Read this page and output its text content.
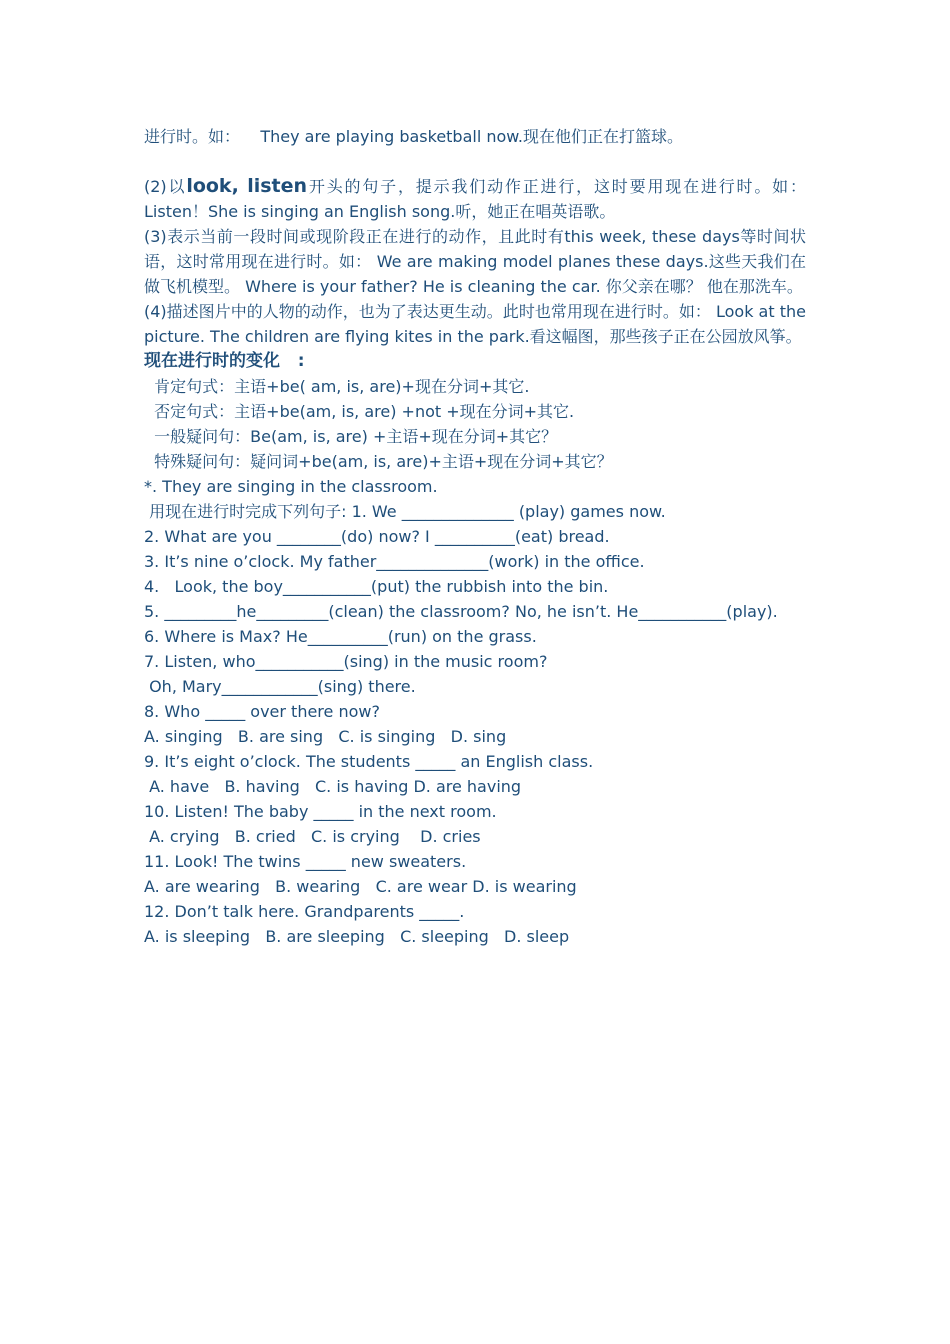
进行时。如：    They are playing basketball now.现在他们正在打篮球。
(2)以look, listen开头的句子，提示我们动作正进行，这时要用现在进行时。如：Listen！She is singing an English song.听，她正在唱英语歌。
(3)表示当前一段时间或现阶段正在进行的动作，且此时有this week, these days等时间状语，这时常用现在进行时。如： We are making model planes these days.这些天我们在做飞机模型。 Where is your father? He is cleaning the car. 你父亲在哪？ 他在那洗车。
(4)描述图片中的人物的动作，也为了表达更生动。此时也常用现在进行时。如： Look at the picture. The children are flying kites in the park.看这幅图，那些孩子正在公园放风筝。
现在进行时的变化   :
肯定句式：主语+be( am, is, are)+现在分词+其它.
否定句式：主语+be(am, is, are) +not +现在分词+其它.
一般疑问句：Be(am, is, are) +主语+现在分词+其它？
特殊疑问句：疑问词+be(am, is, are)+主语+现在分词+其它？
*. They are singing in the classroom.
用现在进行时完成下列句子: 1. We ______________ (play) games now.
2. What are you ________(do) now? I __________(eat) bread.
3. It’s nine o’clock. My father______________(work) in the office.
4.   Look, the boy___________(put) the rubbish into the bin.
5. _________he_________(clean) the classroom? No, he isn’t. He___________(play).
6. Where is Max? He__________(run) on the grass.
7. Listen, who___________(sing) in the music room?
Oh, Mary____________(sing) there.
8. Who _____ over there now?
A. singing   B. are sing   C. is singing   D. sing
9. It’s eight o’clock. The students _____ an English class.
A. have   B. having   C. is having D. are having
10. Listen! The baby _____ in the next room.
A. crying   B. cried   C. is crying    D. cries
11. Look! The twins _____ new sweaters.
A. are wearing   B. wearing   C. are wear D. is wearing
12. Don’t talk here. Grandparents _____.
A. is sleeping   B. are sleeping   C. sleeping   D. sleep
